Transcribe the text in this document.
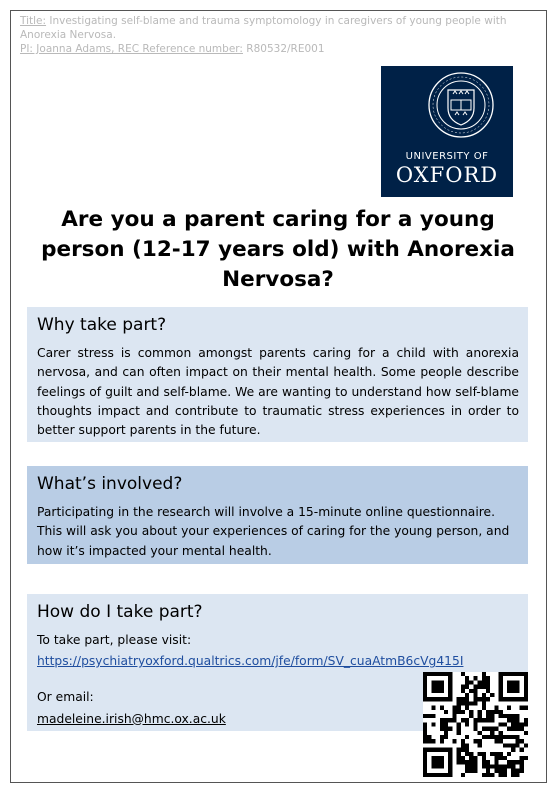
Title: Investigating self-blame and trauma symptomology in caregivers of young people with Anorexia Nervosa.
PI: Joanna Adams, REC Reference number: R80532/RE001
UNIVERSITY OF
OXFORD
Are you a parent caring for a young person (12-17 years old) with Anorexia Nervosa?
Why take part?

Carer stress is common amongst parents caring for a child with anorexia nervosa, and can often impact on their mental health. Some people describe feelings of guilt and self-blame. We are wanting to understand how self-blame thoughts impact and contribute to traumatic stress experiences in order to better support parents in the future.

What’s involved?

Participating in the research will involve a 15-minute online questionnaire. This will ask you about your experiences of caring for the young person, and how it’s impacted your mental health.

How do I take part?

To take part, please visit:

https://psychiatryoxford.qualtrics.com/jfe/form/SV_cuaAtmB6cVg415I

Or email:

madeleine.irish@hmc.ox.ac.uk
